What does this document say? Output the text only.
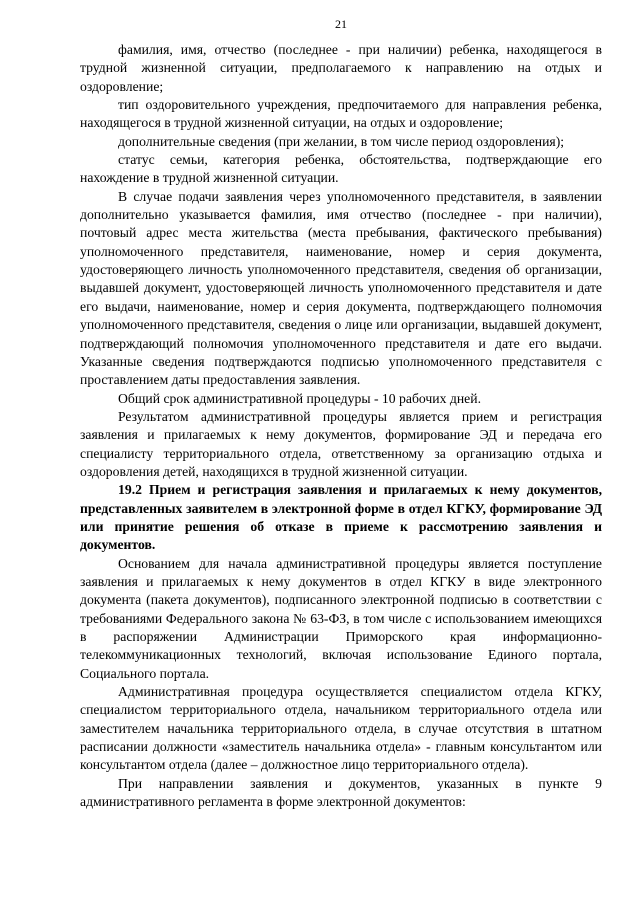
21

фамилия, имя, отчество (последнее - при наличии) ребенка, находящегося в трудной жизненной ситуации, предполагаемого к направлению на отдых и оздоровление;

тип оздоровительного учреждения, предпочитаемого для направления ребенка, находящегося в трудной жизненной ситуации, на отдых и оздоровление;

дополнительные сведения (при желании, в том числе период оздоровления);

статус семьи, категория ребенка, обстоятельства, подтверждающие его нахождение в трудной жизненной ситуации.

В случае подачи заявления через уполномоченного представителя, в заявлении дополнительно указывается фамилия, имя отчество (последнее - при наличии), почтовый адрес места жительства (места пребывания, фактического пребывания) уполномоченного представителя, наименование, номер и серия документа, удостоверяющего личность уполномоченного представителя, сведения об организации, выдавшей документ, удостоверяющей личность уполномоченного представителя и дате его выдачи, наименование, номер и серия документа, подтверждающего полномочия уполномоченного представителя, сведения о лице или организации, выдавшей документ, подтверждающий полномочия уполномоченного представителя и дате его выдачи. Указанные сведения подтверждаются подписью уполномоченного представителя с проставлением даты предоставления заявления.

Общий срок административной процедуры - 10 рабочих дней.

Результатом административной процедуры является прием и регистрация заявления и прилагаемых к нему документов, формирование ЭД и передача его специалисту территориального отдела, ответственному за организацию отдыха и оздоровления детей, находящихся в трудной жизненной ситуации.

19.2 Прием и регистрация заявления и прилагаемых к нему документов, представленных заявителем в электронной форме в отдел КГКУ, формирование ЭД или принятие решения об отказе в приеме к рассмотрению заявления и документов.

Основанием для начала административной процедуры является поступление заявления и прилагаемых к нему документов в отдел КГКУ в виде электронного документа (пакета документов), подписанного электронной подписью в соответствии с требованиями Федерального закона № 63-ФЗ, в том числе с использованием имеющихся в распоряжении Администрации Приморского края информационно-телекоммуникационных технологий, включая использование Единого портала, Социального портала.

Административная процедура осуществляется специалистом отдела КГКУ, специалистом территориального отдела, начальником территориального отдела или заместителем начальника территориального отдела, в случае отсутствия в штатном расписании должности «заместитель начальника отдела» - главным консультантом или консультантом отдела (далее – должностное лицо территориального отдела).

При направлении заявления и документов, указанных в пункте 9 административного регламента в форме электронной документов:
